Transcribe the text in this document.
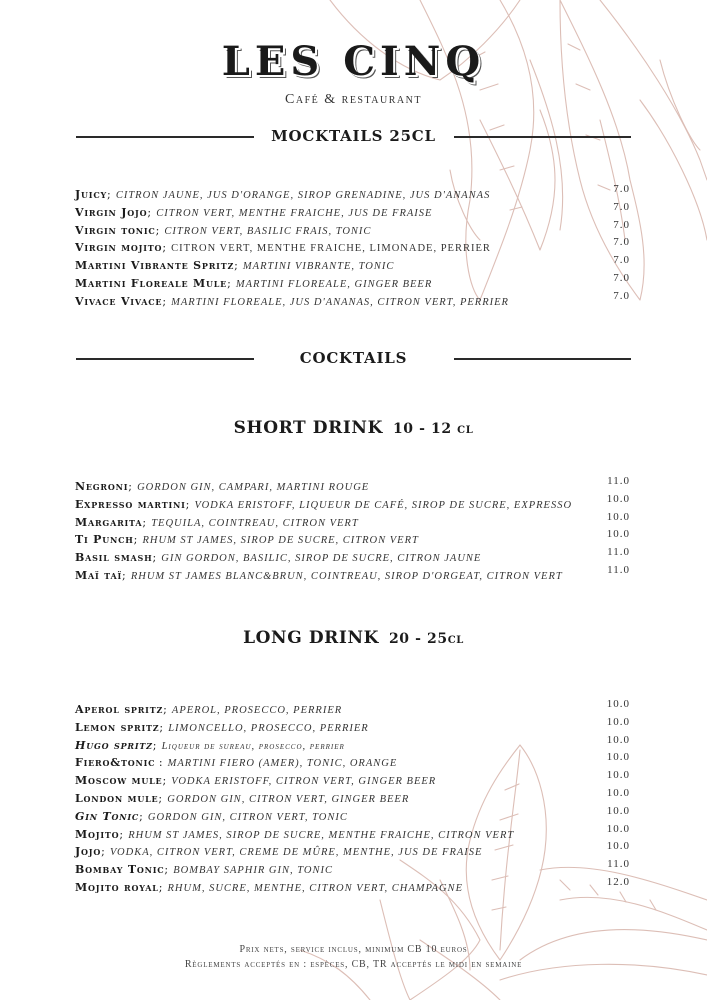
LES CINQ
Café & restaurant
MOCKTAILS 25CL
Juicy; CITRON JAUNE, JUS D'ORANGE, SIROP GRENADINE, JUS D'ANANAS
7.0
Virgin Jojo; CITRON VERT, MENTHE FRAICHE, JUS DE FRAISE
7.0
Virgin tonic; CITRON VERT, BASILIC FRAIS, TONIC
7.0
Virgin mojito; CITRON VERT, MENTHE FRAICHE, LIMONADE, PERRIER
7.0
Martini Vibrante Spritz; MARTINI VIBRANTE, TONIC
7.0
Martini Floreale Mule; MARTINI FLOREALE, GINGER BEER
7.0
Vivace Vivace; MARTINI FLOREALE, JUS D'ANANAS, CITRON VERT, PERRIER
7.0
COCKTAILS
SHORT DRINK 10 - 12 cl
Negroni; GORDON GIN, CAMPARI, MARTINI ROUGE
11.0
Expresso martini; VODKA ERISTOFF, LIQUEUR DE CAFÉ, SIROP DE SUCRE, EXPRESSO
10.0
Margarita; TEQUILA, COINTREAU, CITRON VERT
10.0
Ti Punch; RHUM ST JAMES, SIROP DE SUCRE, CITRON VERT
10.0
Basil smash; GIN GORDON, BASILIC, SIROP DE SUCRE, CITRON JAUNE
11.0
Maï taï; RHUM ST JAMES BLANC&BRUN, COINTREAU, SIROP D'ORGEAT, CITRON VERT
11.0
LONG DRINK 20 - 25cl
Aperol spritz; APEROL, PROSECCO, PERRIER
10.0
Lemon spritz; LIMONCELLO, PROSECCO, PERRIER
10.0
Hugo spritz; Liqueur de sureau, prosecco, perrier
10.0
Fiero&tonic : MARTINI FIERO (AMER), TONIC, ORANGE
10.0
Moscow mule; VODKA ERISTOFF, CITRON VERT, GINGER BEER
10.0
London mule; GORDON GIN, CITRON VERT, GINGER BEER
10.0
Gin Tonic; GORDON GIN, CITRON VERT, TONIC
10.0
Mojito; RHUM ST JAMES, SIROP DE SUCRE, MENTHE FRAICHE, CITRON VERT
10.0
Jojo; VODKA, CITRON VERT, CREME DE MÛRE, MENTHE, JUS DE FRAISE
10.0
Bombay Tonic; BOMBAY SAPHIR GIN, TONIC
11.0
Mojito royal; RHUM, SUCRE, MENTHE, CITRON VERT, CHAMPAGNE
12.0
Prix nets, service inclus, minimum CB 10 euros
Règlements acceptés en : espèces, CB, TR acceptés le midi en semaine
